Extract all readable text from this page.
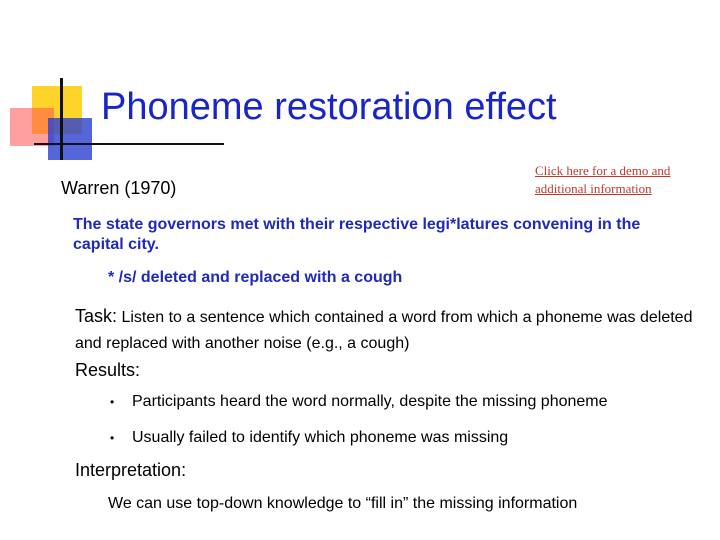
Phoneme restoration effect
Warren (1970)
Click here for a demo and additional information
The state governors met with their respective legi*latures convening in the capital city.
* /s/ deleted and replaced with a cough
Task: Listen to a sentence which contained a word from which a phoneme was deleted and replaced with another noise (e.g., a cough)
Results:
• Participants heard the word normally, despite the missing phoneme
• Usually failed to identify which phoneme was missing
Interpretation:
We can use top-down knowledge to “fill in” the missing information
